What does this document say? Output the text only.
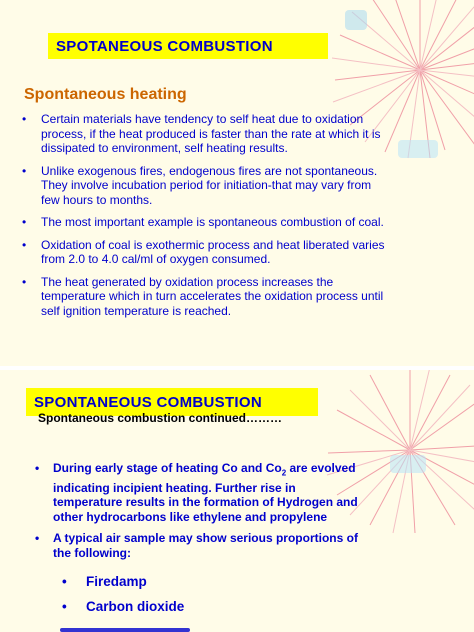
SPOTANEOUS COMBUSTION
Spontaneous heating
• Certain materials have tendency to self heat due to oxidation process, if the heat produced is faster than the rate at which it is dissipated to environment, self heating results.
• Unlike exogenous fires, endogenous fires are not spontaneous. They involve incubation period for initiation-that may vary from few hours to months.
• The most important example is spontaneous combustion of coal.
• Oxidation of coal is exothermic process and heat liberated varies from 2.0 to 4.0 cal/ml of oxygen consumed.
• The heat generated by oxidation process increases the temperature which in turn accelerates the oxidation process until self ignition temperature is reached.
SPONTANEOUS COMBUSTION
Spontaneous combustion continued………
• During early stage of heating Co and $Co_2$ are evolved indicating incipient heating. Further rise in temperature results in the formation of Hydrogen and other hydrocarbons like ethylene and propylene
• A typical air sample may show serious proportions of the following:
• Firedamp
• Carbon dioxide
